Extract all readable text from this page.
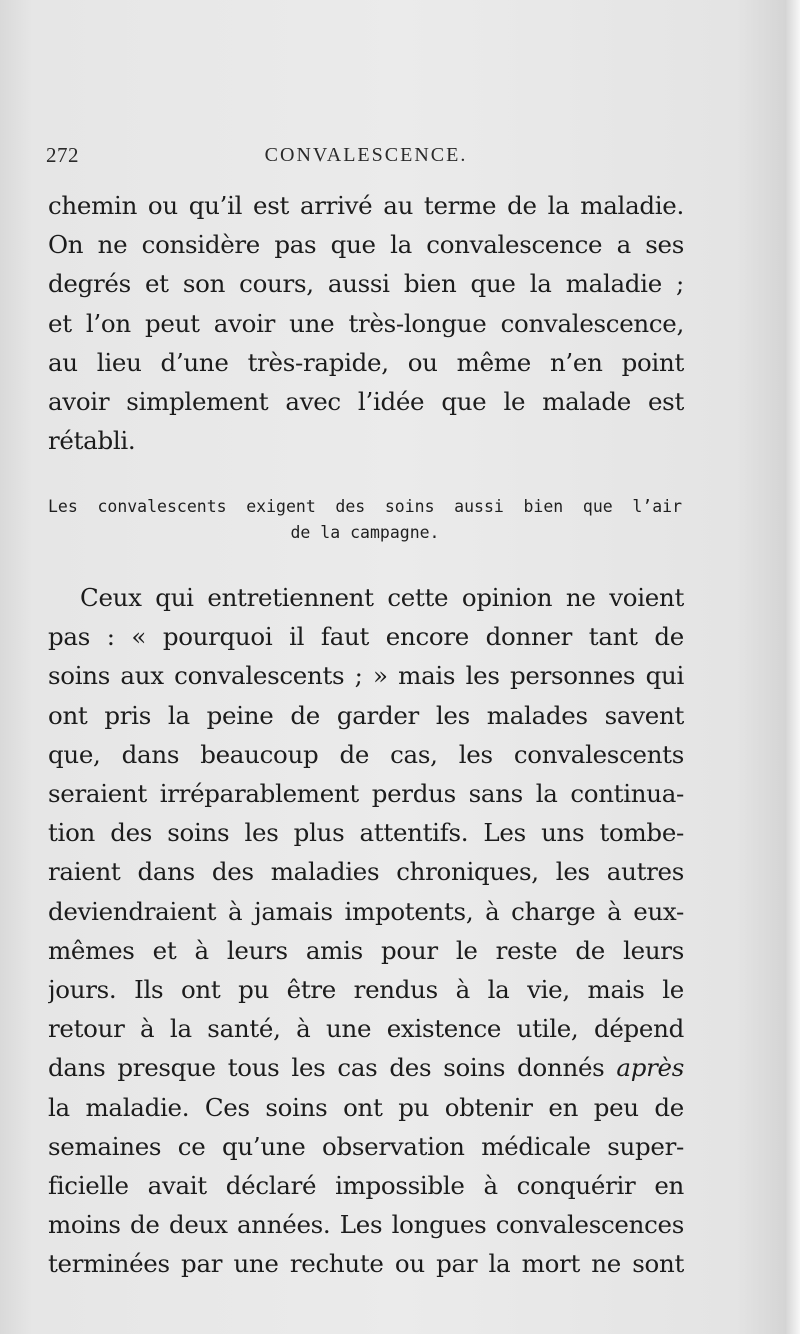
272	CONVALESCENCE.
chemin ou qu’il est arrivé au terme de la maladie.
On ne considère pas que la convalescence a ses
degrés et son cours, aussi bien que la maladie ;
et l’on peut avoir une très-longue convalescence,
au lieu d’une très-rapide, ou même n’en point
avoir simplement avec l’idée que le malade est
rétabli.
Les convalescents exigent des soins aussi bien que l’air
de la campagne.
Ceux qui entretiennent cette opinion ne voient
pas : « pourquoi il faut encore donner tant de
soins aux convalescents ; » mais les personnes qui
ont pris la peine de garder les malades savent
que, dans beaucoup de cas, les convalescents
seraient irréparablement perdus sans la continua-
tion des soins les plus attentifs. Les uns tombe-
raient dans des maladies chroniques, les autres
deviendraient à jamais impotents, à charge à eux-
mêmes et à leurs amis pour le reste de leurs
jours. Ils ont pu être rendus à la vie, mais le
retour à la santé, à une existence utile, dépend
dans presque tous les cas des soins donnés après
la maladie. Ces soins ont pu obtenir en peu de
semaines ce qu’une observation médicale super-
ficielle avait déclaré impossible à conquérir en
moins de deux années. Les longues convalescences
terminées par une rechute ou par la mort ne sont
